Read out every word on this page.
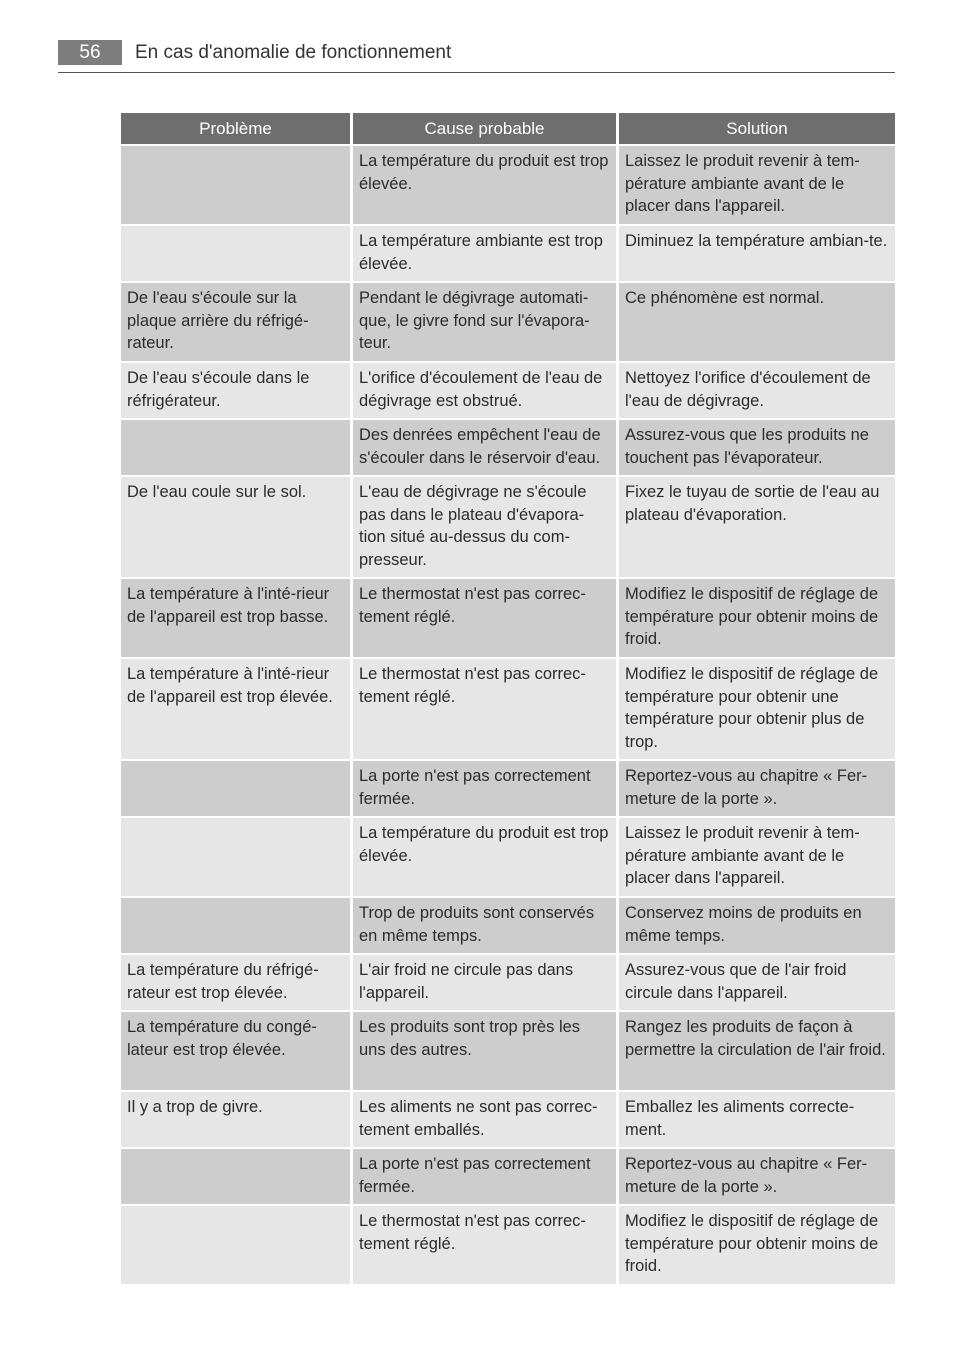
56	En cas d'anomalie de fonctionnement
Problème	Cause probable	Solution
	La température du produit est trop élevée.	Laissez le produit revenir à tem-pérature ambiante avant de le placer dans l'appareil.
	La température ambiante est trop élevée.	Diminuez la température ambian-te.
De l'eau s'écoule sur la plaque arrière du réfrigé-rateur.	Pendant le dégivrage automati-que, le givre fond sur l'évapora-teur.	Ce phénomène est normal.
De l'eau s'écoule dans le réfrigérateur.	L'orifice d'écoulement de l'eau de dégivrage est obstrué.	Nettoyez l'orifice d'écoulement de l'eau de dégivrage.
	Des denrées empêchent l'eau de s'écouler dans le réservoir d'eau.	Assurez-vous que les produits ne touchent pas l'évaporateur.
De l'eau coule sur le sol.	L'eau de dégivrage ne s'écoule pas dans le plateau d'évapora-tion situé au-dessus du com-presseur.	Fixez le tuyau de sortie de l'eau au plateau d'évaporation.
La température à l'inté-rieur de l'appareil est trop basse.	Le thermostat n'est pas correc-tement réglé.	Modifiez le dispositif de réglage de température pour obtenir moins de froid.
La température à l'inté-rieur de l'appareil est trop élevée.	Le thermostat n'est pas correc-tement réglé.	Modifiez le dispositif de réglage de température pour obtenir une température pour obtenir plus de trop.
	La porte n'est pas correctement fermée.	Reportez-vous au chapitre « Fer-meture de la porte ».
	La température du produit est trop élevée.	Laissez le produit revenir à tem-pérature ambiante avant de le placer dans l'appareil.
	Trop de produits sont conservés en même temps.	Conservez moins de produits en même temps.
La température du réfrigé-rateur est trop élevée.	L'air froid ne circule pas dans l'appareil.	Assurez-vous que de l'air froid circule dans l'appareil.
La température du congé-lateur est trop élevée.	Les produits sont trop près les uns des autres.	Rangez les produits de façon à permettre la circulation de l'air froid.
Il y a trop de givre.	Les aliments ne sont pas correc-tement emballés.	Emballez les aliments correcte-ment.
	La porte n'est pas correctement fermée.	Reportez-vous au chapitre « Fer-meture de la porte ».
	Le thermostat n'est pas correc-tement réglé.	Modifiez le dispositif de réglage de température pour obtenir moins de froid.
